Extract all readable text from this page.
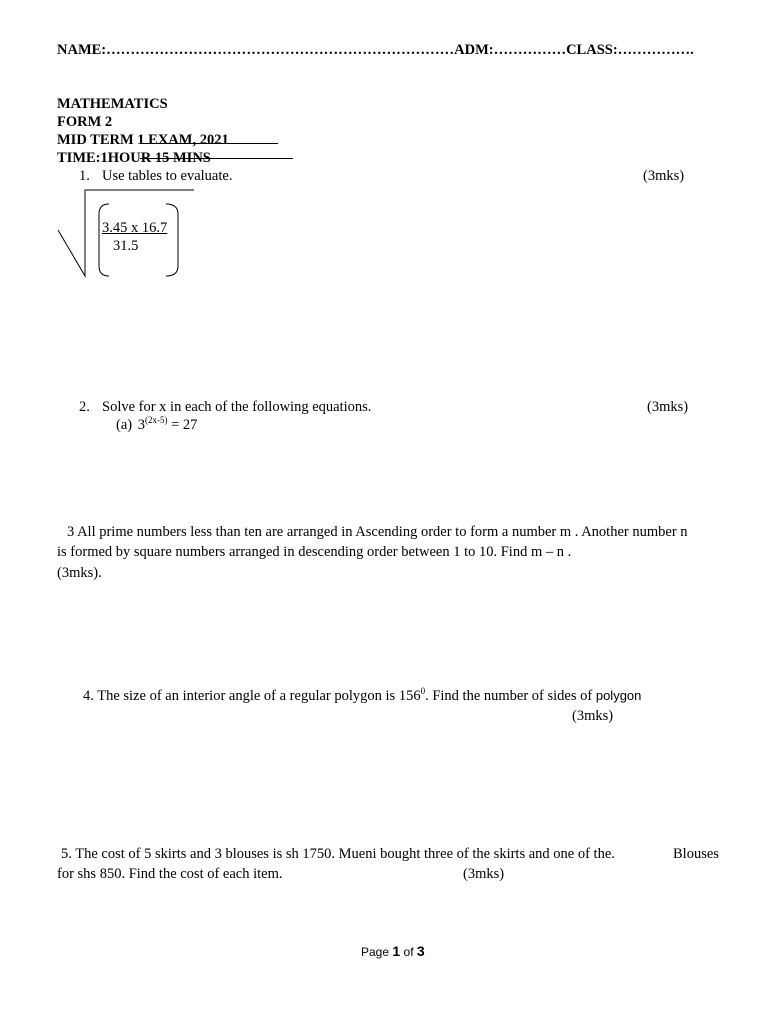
NAME:………………………………………………………………ADM:……………CLASS:…………….
MATHEMATICS
FORM 2
MID TERM 1 EXAM, 2021
TIME:1HOUR 15 MINS
1. Use tables to evaluate.	(3mks)
3.45 x 16.7
31.5
2. Solve for x in each of the following equations.	(3mks)
(a) $3^{(2x-5)} = 27$
3 All prime numbers less than ten are arranged in Ascending order to form a number m . Another number n
is formed by square numbers arranged in descending order between 1 to 10. Find m – n .
(3mks).
4. The size of an interior angle of a regular polygon is $156^0$. Find the number of sides of polygon
(3mks)
5. The cost of 5 skirts and 3 blouses is sh 1750. Mueni bought three of the skirts and one of the.	Blouses
for shs 850. Find the cost of each item.	(3mks)
Page 1 of 3
